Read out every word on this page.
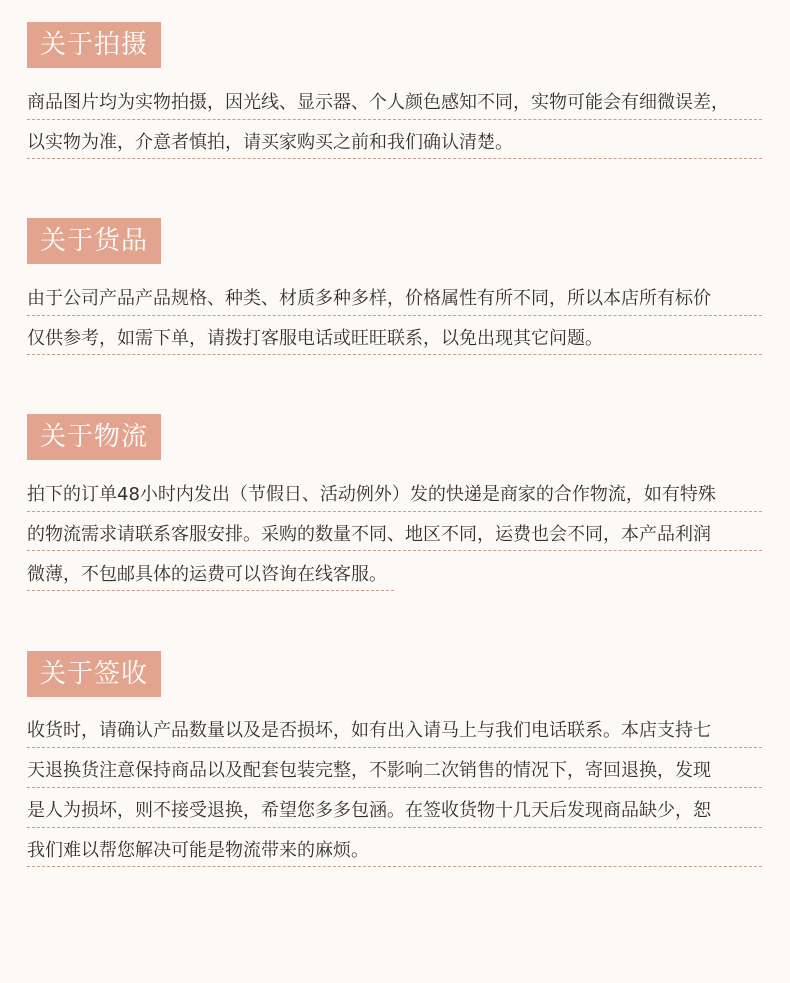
关于拍摄
商品图片均为实物拍摄，因光线、显示器、个人颜色感知不同，实物可能会有细微误差，
以实物为准，介意者慎拍，请买家购买之前和我们确认清楚。
关于货品
由于公司产品产品规格、种类、材质多种多样，价格属性有所不同，所以本店所有标价
仅供参考，如需下单，请拨打客服电话或旺旺联系，以免出现其它问题。
关于物流
拍下的订单48小时内发出（节假日、活动例外）发的快递是商家的合作物流，如有特殊
的物流需求请联系客服安排。采购的数量不同、地区不同，运费也会不同，本产品利润
微薄，不包邮具体的运费可以咨询在线客服。
关于签收
收货时，请确认产品数量以及是否损坏，如有出入请马上与我们电话联系。本店支持七
天退换货注意保持商品以及配套包装完整，不影响二次销售的情况下，寄回退换，发现
是人为损坏，则不接受退换，希望您多多包涵。在签收货物十几天后发现商品缺少，恕
我们难以帮您解决可能是物流带来的麻烦。
